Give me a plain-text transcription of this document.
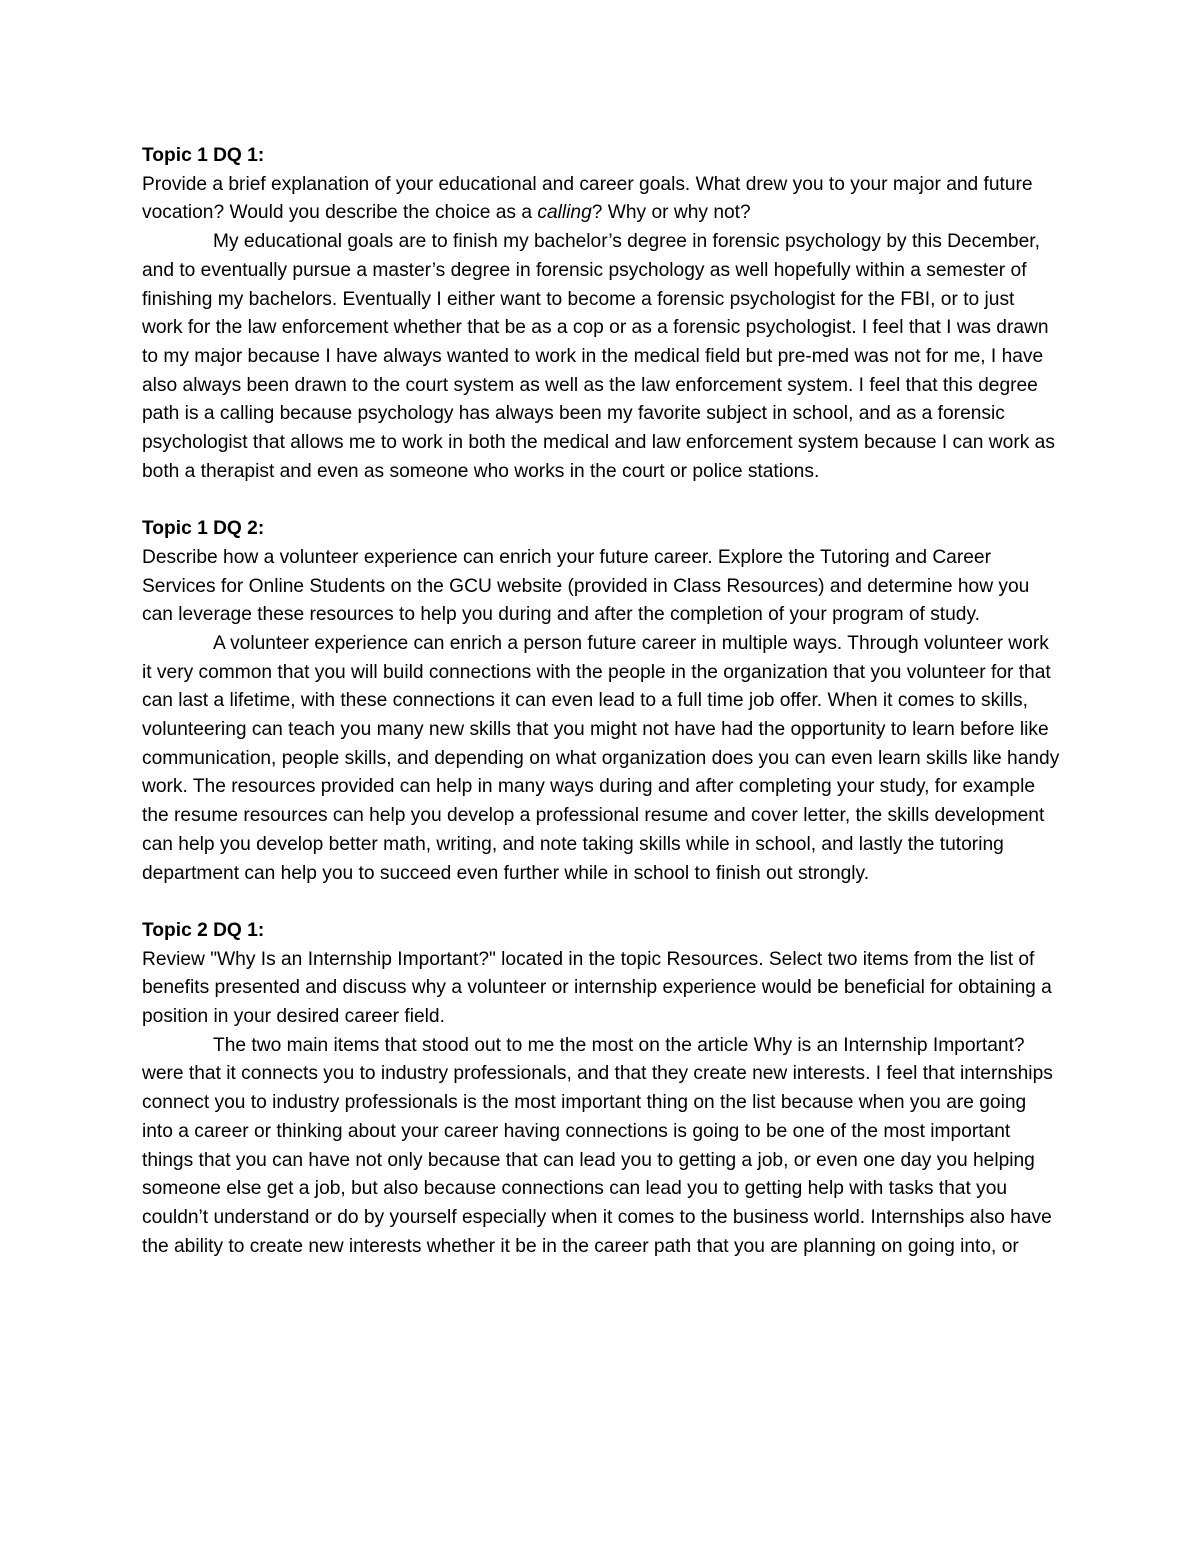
Topic 1 DQ 1:

Provide a brief explanation of your educational and career goals. What drew you to your major and future vocation? Would you describe the choice as a calling? Why or why not?

My educational goals are to finish my bachelor’s degree in forensic psychology by this December, and to eventually pursue a master’s degree in forensic psychology as well hopefully within a semester of finishing my bachelors. Eventually I either want to become a forensic psychologist for the FBI, or to just work for the law enforcement whether that be as a cop or as a forensic psychologist. I feel that I was drawn to my major because I have always wanted to work in the medical field but pre-med was not for me, I have also always been drawn to the court system as well as the law enforcement system. I feel that this degree path is a calling because psychology has always been my favorite subject in school, and as a forensic psychologist that allows me to work in both the medical and law enforcement system because I can work as both a therapist and even as someone who works in the court or police stations.

Topic 1 DQ 2:

Describe how a volunteer experience can enrich your future career. Explore the Tutoring and Career Services for Online Students on the GCU website (provided in Class Resources) and determine how you can leverage these resources to help you during and after the completion of your program of study.

A volunteer experience can enrich a person future career in multiple ways. Through volunteer work it very common that you will build connections with the people in the organization that you volunteer for that can last a lifetime, with these connections it can even lead to a full time job offer. When it comes to skills, volunteering can teach you many new skills that you might not have had the opportunity to learn before like communication, people skills, and depending on what organization does you can even learn skills like handy work. The resources provided can help in many ways during and after completing your study, for example the resume resources can help you develop a professional resume and cover letter, the skills development can help you develop better math, writing, and note taking skills while in school, and lastly the tutoring department can help you to succeed even further while in school to finish out strongly.

Topic 2 DQ 1:

Review "Why Is an Internship Important?" located in the topic Resources. Select two items from the list of benefits presented and discuss why a volunteer or internship experience would be beneficial for obtaining a position in your desired career field.

The two main items that stood out to me the most on the article Why is an Internship Important? were that it connects you to industry professionals, and that they create new interests. I feel that internships connect you to industry professionals is the most important thing on the list because when you are going into a career or thinking about your career having connections is going to be one of the most important things that you can have not only because that can lead you to getting a job, or even one day you helping someone else get a job, but also because connections can lead you to getting help with tasks that you couldn’t understand or do by yourself especially when it comes to the business world. Internships also have the ability to create new interests whether it be in the career path that you are planning on going into, or
